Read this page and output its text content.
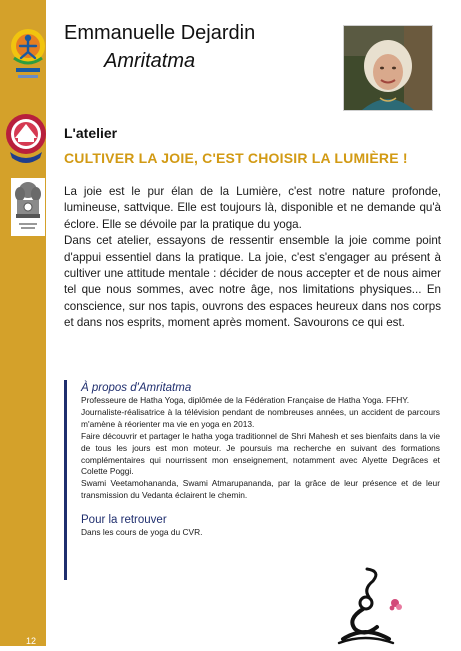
Emmanuelle Dejardin
Amritatma
L'atelier
CULTIVER LA JOIE, C'EST CHOISIR LA LUMIÈRE !

La joie est le pur élan de la Lumière, c'est notre nature profonde, lumineuse, sattvique. Elle est toujours là, disponible et ne demande qu'à éclore. Elle se dévoile par la pratique du yoga.

Dans cet atelier, essayons de ressentir ensemble la joie comme point d'appui essentiel dans la pratique. La joie, c'est s'engager au présent à cultiver une attitude mentale : décider de nous accepter et de nous aimer tel que nous sommes, avec notre âge, nos limitations physiques... En conscience, sur nos tapis, ouvrons des espaces heureux dans nos corps et dans nos esprits, moment après moment. Savourons ce qui est.

À propos d'Amritatma

Professeure de Hatha Yoga, diplômée de la Fédération Française de Hatha Yoga. FFHY.

Journaliste-réalisatrice à la télévision pendant de nombreuses années, un accident de parcours m'amène à réorienter ma vie en yoga en 2013.

Faire découvrir et partager le hatha yoga traditionnel de Shri Mahesh et ses bienfaits dans la vie de tous les jours est mon moteur. Je poursuis ma recherche en suivant des formations complémentaires qui nourrissent mon enseignement, notamment avec Alyette Degrâces et Colette Poggi.

Swami Veetamohananda, Swami Atmarupananda, par la grâce de leur présence et de leur transmission du Vedanta éclairent le chemin.

Pour la retrouver
Dans les cours de yoga du CVR.
12
